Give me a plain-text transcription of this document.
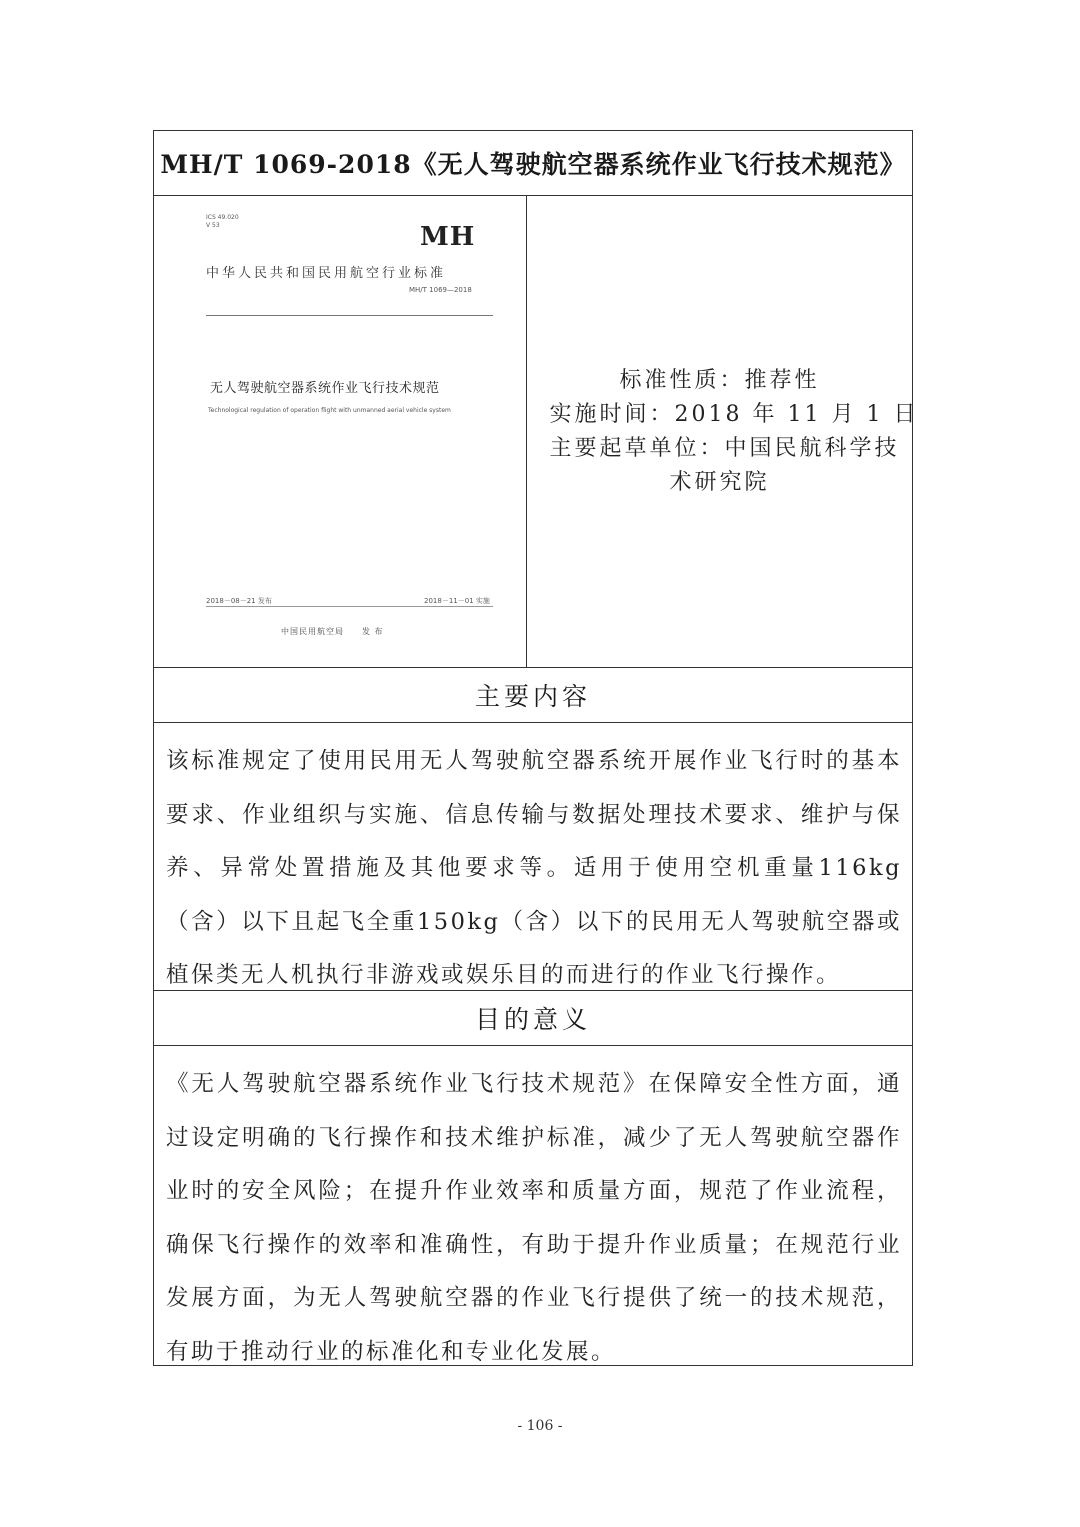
MH/T 1069-2018《无人驾驶航空器系统作业飞行技术规范》
ICS 49.020
V 53	MH
中华人民共和国民用航空行业标准
MH/T 1069—2018
无人驾驶航空器系统作业飞行技术规范
Technological regulation of operation flight with unmanned aerial vehicle system
2018－08－21 发布	2018－11－01 实施
中国民用航空局　　发 布
标准性质：推荐性
实施时间：2018 年 11 月 1 日
主要起草单位：中国民航科学技
术研究院
主要内容
该标准规定了使用民用无人驾驶航空器系统开展作业飞行时的基本要求、作业组织与实施、信息传输与数据处理技术要求、维护与保养、异常处置措施及其他要求等。适用于使用空机重量116kg（含）以下且起飞全重150kg（含）以下的民用无人驾驶航空器或植保类无人机执行非游戏或娱乐目的而进行的作业飞行操作。
目的意义
《无人驾驶航空器系统作业飞行技术规范》在保障安全性方面，通过设定明确的飞行操作和技术维护标准，减少了无人驾驶航空器作业时的安全风险；在提升作业效率和质量方面，规范了作业流程，确保飞行操作的效率和准确性，有助于提升作业质量；在规范行业发展方面，为无人驾驶航空器的作业飞行提供了统一的技术规范，有助于推动行业的标准化和专业化发展。
- 106 -
